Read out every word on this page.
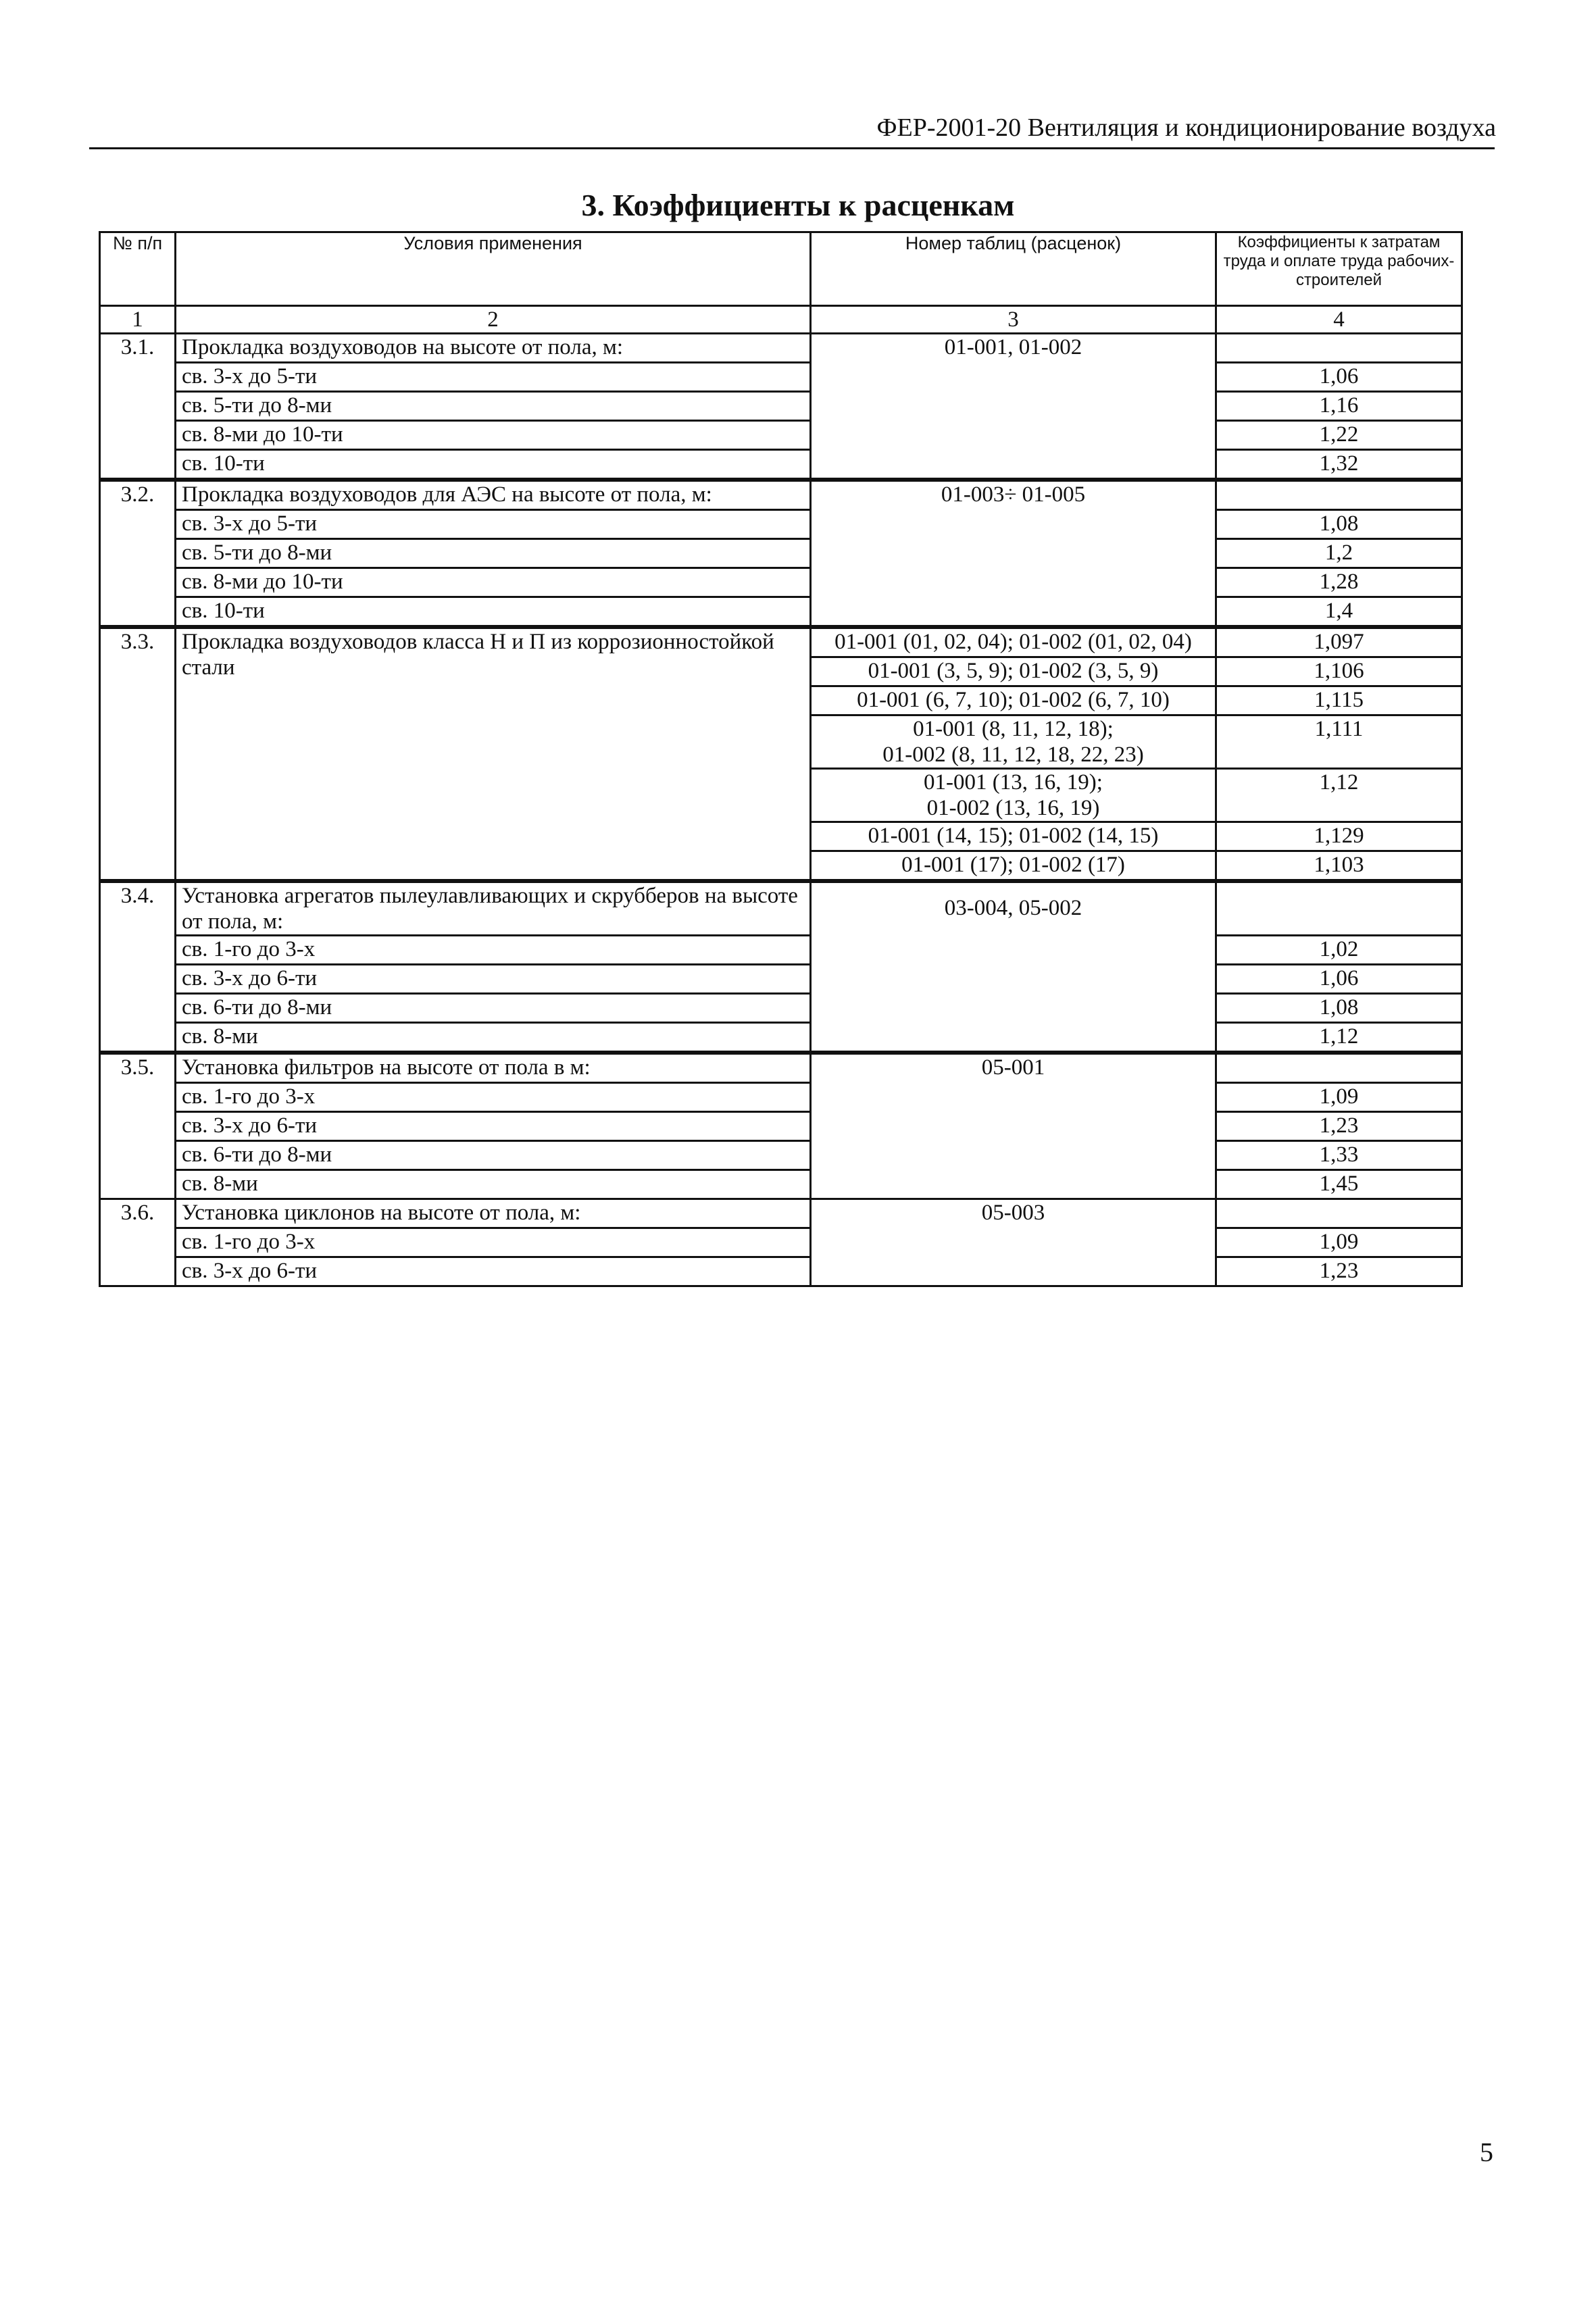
ФЕР-2001-20 Вентиляция и кондиционирование воздуха
3. Коэффициенты к расценкам
№ п/п	Условия применения	Номер таблиц (расценок)	Коэффициенты к затратам труда и оплате труда рабочих-строителей
1	2	3	4
3.1.	Прокладка воздуховодов на высоте от пола, м:	01-001, 01-002	
	св. 3-х до 5-ти		1,06
	св. 5-ти до 8-ми		1,16
	св. 8-ми до 10-ти		1,22
	св. 10-ти		1,32
3.2.	Прокладка воздуховодов для АЭС на высоте от пола, м:	01-003÷ 01-005	
	св. 3-х до 5-ти		1,08
	св. 5-ти до 8-ми		1,2
	св. 8-ми до 10-ти		1,28
	св. 10-ти		1,4
3.3.	Прокладка воздуховодов класса Н и П из коррозионностойкой стали	01-001 (01, 02, 04); 01-002 (01, 02, 04)	1,097
		01-001 (3, 5, 9); 01-002 (3, 5, 9)	1,106
		01-001 (6, 7, 10); 01-002 (6, 7, 10)	1,115

		01-001 (8, 11, 12, 18);
01-002 (8, 11, 12, 18, 22, 23)	1,111

		01-001 (13, 16, 19);
01-002 (13, 16, 19)	1,12
		01-001 (14, 15); 01-002 (14, 15)	1,129
		01-001 (17); 01-002 (17)	1,103
3.4.	Установка агрегатов пылеулавливающих и скрубберов на высоте от пола, м:	03-004, 05-002	
	св. 1-го до 3-х		1,02
	св. 3-х до 6-ти		1,06
	св. 6-ти до 8-ми		1,08
	св. 8-ми		1,12
3.5.	Установка фильтров на высоте от пола в м:	05-001	
	св. 1-го до 3-х		1,09
	св. 3-х до 6-ти		1,23
	св. 6-ти до 8-ми		1,33
	св. 8-ми		1,45
3.6.	Установка циклонов на высоте от пола, м:	05-003	
	св. 1-го до 3-х		1,09
	св. 3-х до 6-ти		1,23
5
